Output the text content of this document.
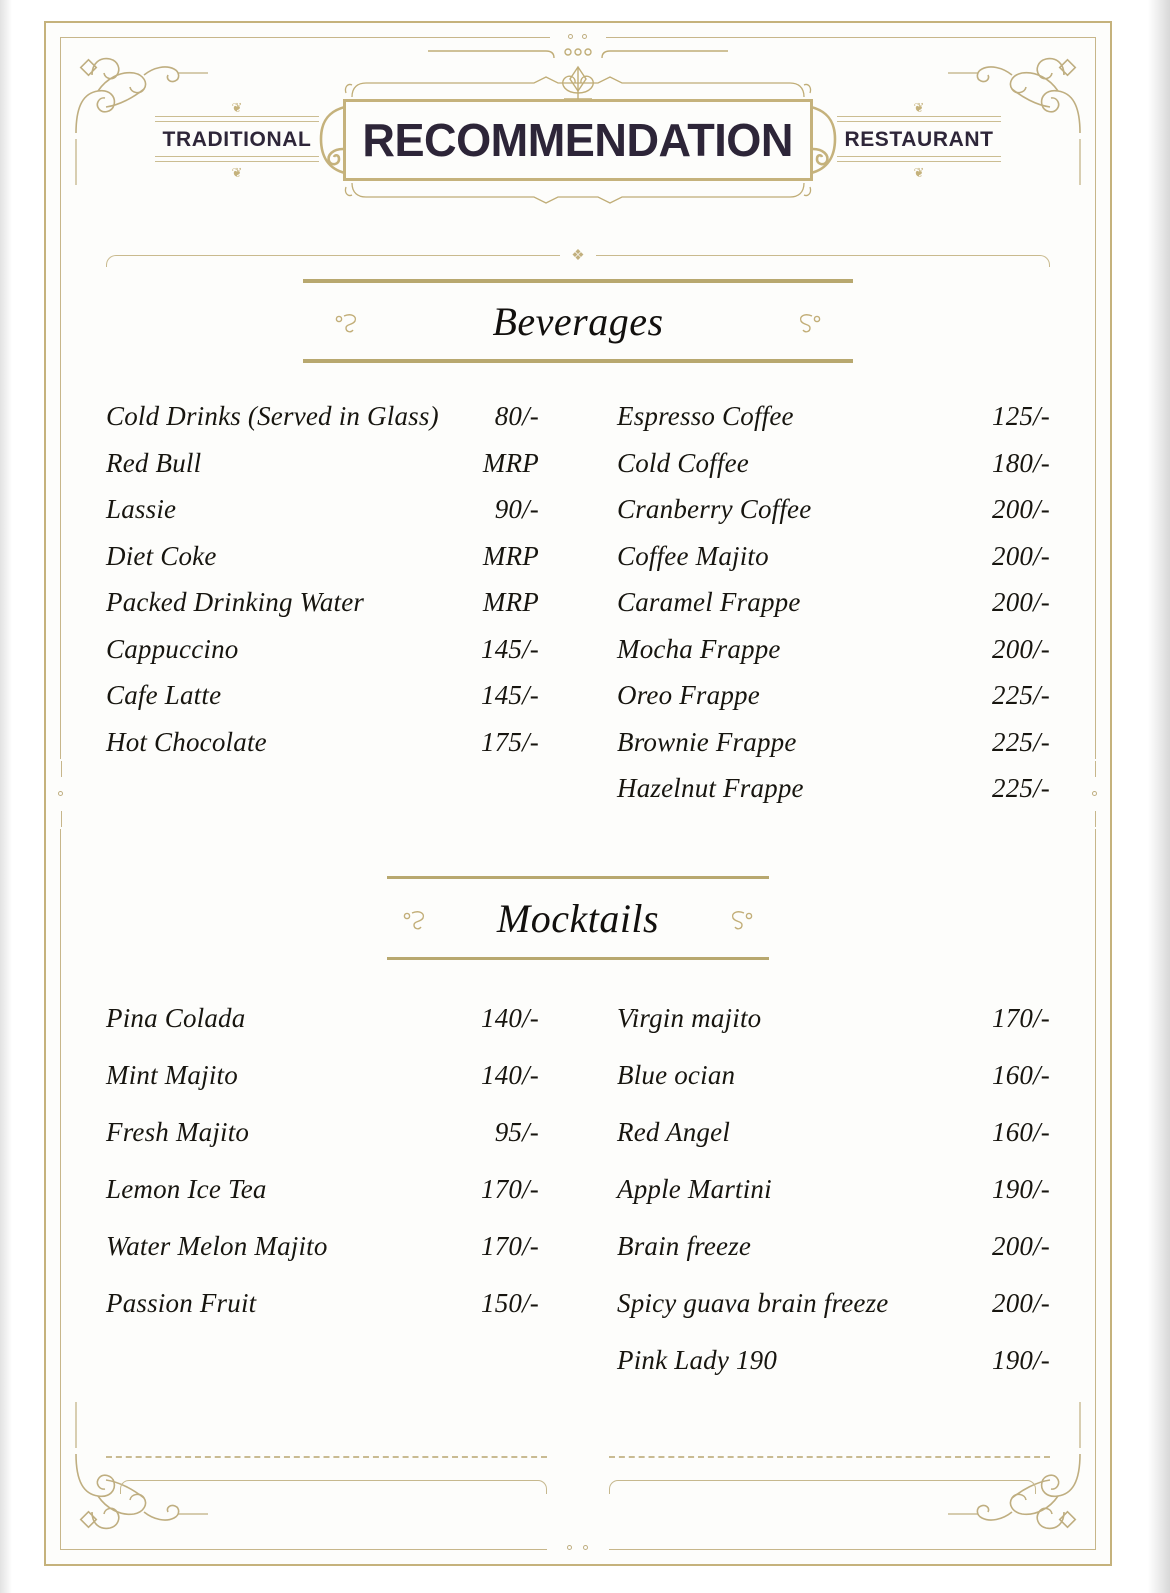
❦
TRADITIONAL
❦
RECOMMENDATION
❦
RESTAURANT
❦
❖
Beverages
Cold Drinks (Served in Glass)	80/-
Red Bull	MRP
Lassie	90/-
Diet Coke	MRP
Packed Drinking Water	MRP
Cappuccino	145/-
Cafe Latte	145/-
Hot Chocolate	175/-
Espresso Coffee	125/-
Cold Coffee	180/-
Cranberry Coffee	200/-
Coffee Majito	200/-
Caramel Frappe	200/-
Mocha Frappe	200/-
Oreo Frappe	225/-
Brownie Frappe	225/-
Hazelnut Frappe	225/-
Mocktails
Pina Colada	140/-
Mint Majito	140/-
Fresh Majito	95/-
Lemon Ice Tea	170/-
Water Melon Majito	170/-
Passion Fruit	150/-
Virgin majito	170/-
Blue ocian	160/-
Red Angel	160/-
Apple Martini	190/-
Brain freeze	200/-
Spicy guava brain freeze	200/-
Pink Lady 190	190/-
